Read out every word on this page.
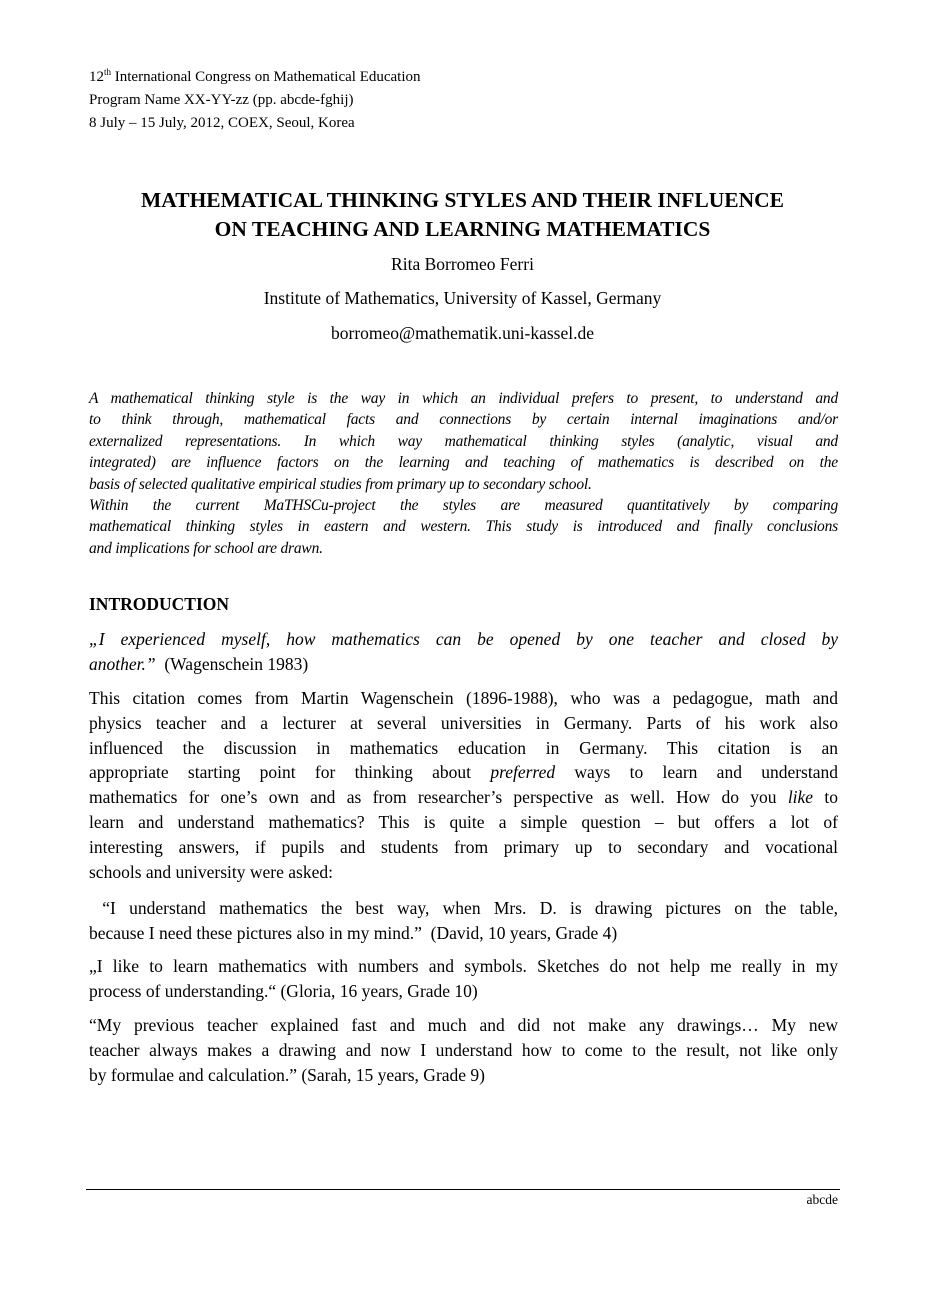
12th International Congress on Mathematical Education
Program Name XX-YY-zz (pp. abcde-fghij)
8 July – 15 July, 2012, COEX, Seoul, Korea
MATHEMATICAL THINKING STYLES AND THEIR INFLUENCE
ON TEACHING AND LEARNING MATHEMATICS
Rita Borromeo Ferri
Institute of Mathematics, University of Kassel, Germany
borromeo@mathematik.uni-kassel.de
A mathematical thinking style is the way in which an individual prefers to present, to understand and
to think through, mathematical facts and connections by certain internal imaginations and/or
externalized representations. In which way mathematical thinking styles (analytic, visual and
integrated) are influence factors on the learning and teaching of mathematics is described on the
basis of selected qualitative empirical studies from primary up to secondary school.
Within the current MaTHSCu-project the styles are measured quantitatively by comparing
mathematical thinking styles in eastern and western. This study is introduced and finally conclusions
and implications for school are drawn.
INTRODUCTION
„I experienced myself, how mathematics can be opened by one teacher and closed by
another.”  (Wagenschein 1983)
This citation comes from Martin Wagenschein (1896-1988), who was a pedagogue, math and
physics teacher and a lecturer at several universities in Germany. Parts of his work also
influenced the discussion in mathematics education in Germany. This citation is an
appropriate starting point for thinking about preferred ways to learn and understand
mathematics for one’s own and as from researcher’s perspective as well. How do you like to
learn and understand mathematics? This is quite a simple question – but offers a lot of
interesting answers, if pupils and students from primary up to secondary and vocational
schools and university were asked:
“I understand mathematics the best way, when Mrs. D. is drawing pictures on the table,
because I need these pictures also in my mind.”  (David, 10 years, Grade 4)
„I like to learn mathematics with numbers and symbols. Sketches do not help me really in my
process of understanding.“ (Gloria, 16 years, Grade 10)
“My previous teacher explained fast and much and did not make any drawings… My new
teacher always makes a drawing and now I understand how to come to the result, not like only
by formulae and calculation.” (Sarah, 15 years, Grade 9)
abcde
